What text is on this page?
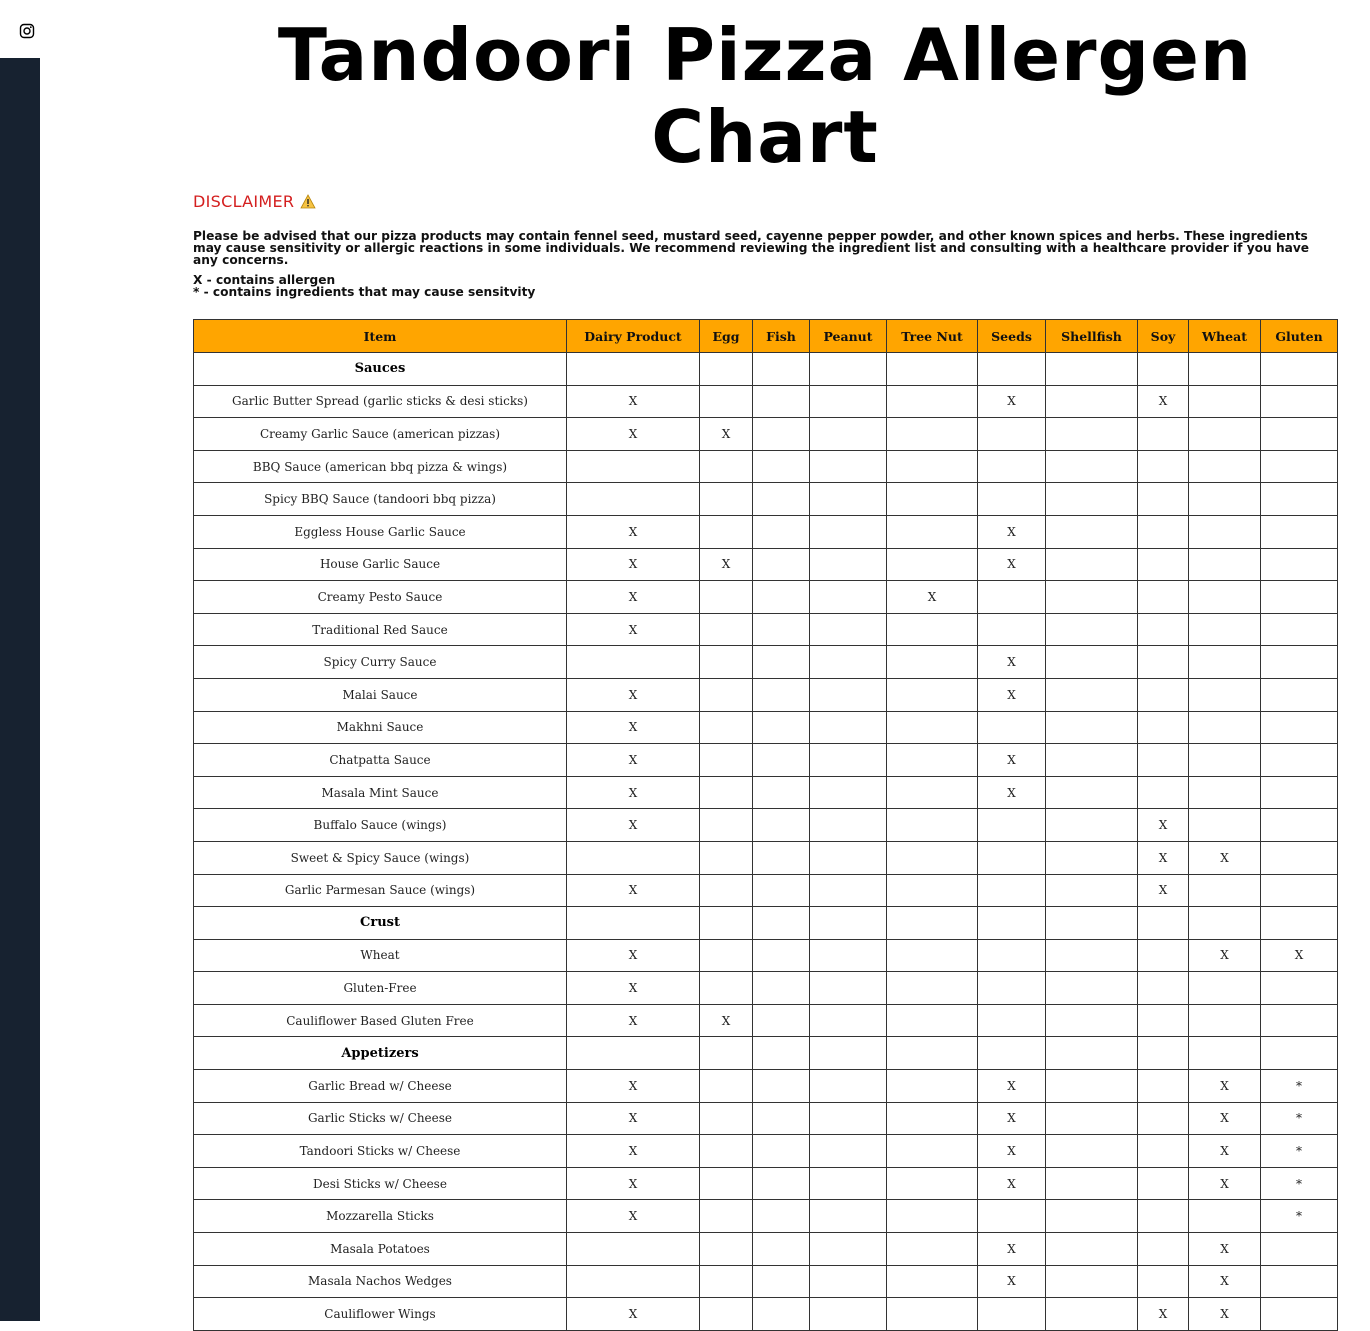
Tandoori Pizza Allergen Chart
DISCLAIMER

Please be advised that our pizza products may contain fennel seed, mustard seed, cayenne pepper powder, and other known spices and herbs. These ingredients may cause sensitivity or allergic reactions in some individuals. We recommend reviewing the ingredient list and consulting with a healthcare provider if you have any concerns.

X - contains allergen
* - contains ingredients that may cause sensitvity
Item	Dairy Product	Egg	Fish	Peanut	Tree Nut	Seeds	Shellfish	Soy	Wheat	Gluten
Sauces										
Garlic Butter Spread (garlic sticks & desi sticks)	X					X		X		
Creamy Garlic Sauce (american pizzas)	X	X								
BBQ Sauce (american bbq pizza & wings)										
Spicy BBQ Sauce (tandoori bbq pizza)										
Eggless House Garlic Sauce	X					X				
House Garlic Sauce	X	X				X				
Creamy Pesto Sauce	X				X					
Traditional Red Sauce	X									
Spicy Curry Sauce						X				
Malai Sauce	X					X				
Makhni Sauce	X									
Chatpatta Sauce	X					X				
Masala Mint Sauce	X					X				
Buffalo Sauce (wings)	X							X		
Sweet & Spicy Sauce (wings)								X	X	
Garlic Parmesan Sauce (wings)	X							X		
Crust										
Wheat	X								X	X
Gluten-Free	X									
Cauliflower Based Gluten Free	X	X								
Appetizers										
Garlic Bread w/ Cheese	X					X			X	*
Garlic Sticks w/ Cheese	X					X			X	*
Tandoori Sticks w/ Cheese	X					X			X	*
Desi Sticks w/ Cheese	X					X			X	*
Mozzarella Sticks	X									*
Masala Potatoes						X			X	
Masala Nachos Wedges						X			X	
Cauliflower Wings	X							X	X	
